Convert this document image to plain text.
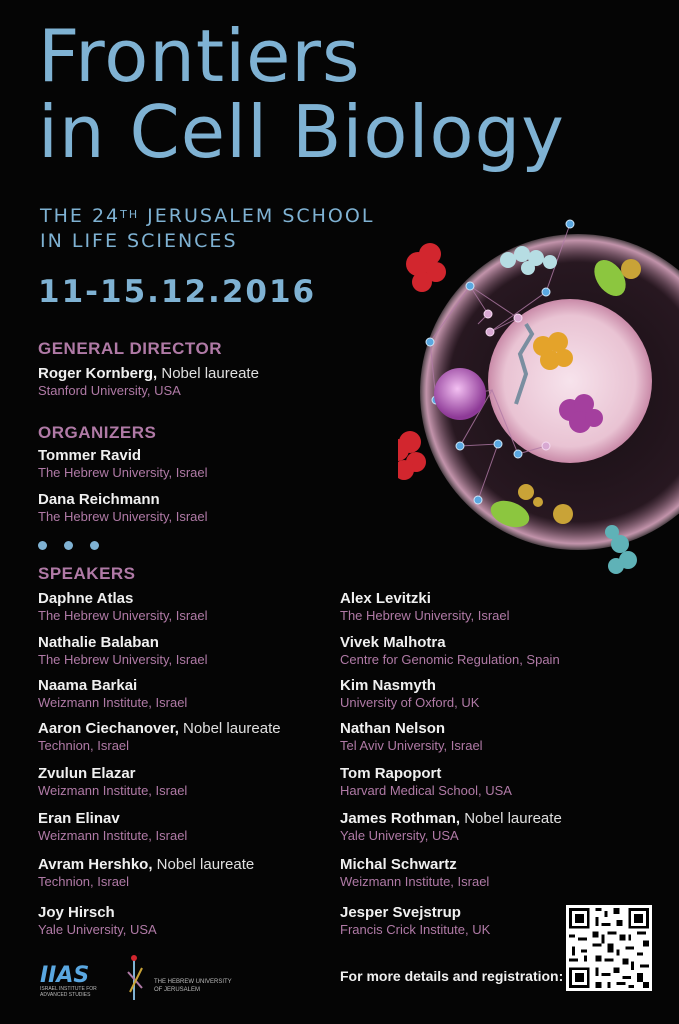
Frontiers
in Cell Biology
THE 24TH JERUSALEM SCHOOL
IN LIFE SCIENCES
11-15.12.2016
GENERAL DIRECTOR
Roger Kornberg, Nobel laureate
Stanford University, USA
ORGANIZERS
Tommer Ravid
The Hebrew University, Israel
Dana Reichmann
The Hebrew University, Israel
SPEAKERS
Daphne Atlas
The Hebrew University, Israel
Nathalie Balaban
The Hebrew University, Israel
Naama Barkai
Weizmann Institute, Israel
Aaron Ciechanover, Nobel laureate
Technion, Israel
Zvulun Elazar
Weizmann Institute, Israel
Eran Elinav
Weizmann Institute, Israel
Avram Hershko, Nobel laureate
Technion, Israel
Joy Hirsch
Yale University, USA
Alex Levitzki
The Hebrew University, Israel
Vivek Malhotra
Centre for Genomic Regulation, Spain
Kim Nasmyth
University of Oxford, UK
Nathan Nelson
Tel Aviv University, Israel
Tom Rapoport
Harvard Medical School, USA
James Rothman, Nobel laureate
Yale University, USA
Michal Schwartz
Weizmann Institute, Israel
Jesper Svejstrup
Francis Crick Institute, UK
IIAS
ISRAEL INSTITUTE FOR ADVANCED STUDIES
THE HEBREW UNIVERSITY
OF JERUSALEM
For more details and registration:
